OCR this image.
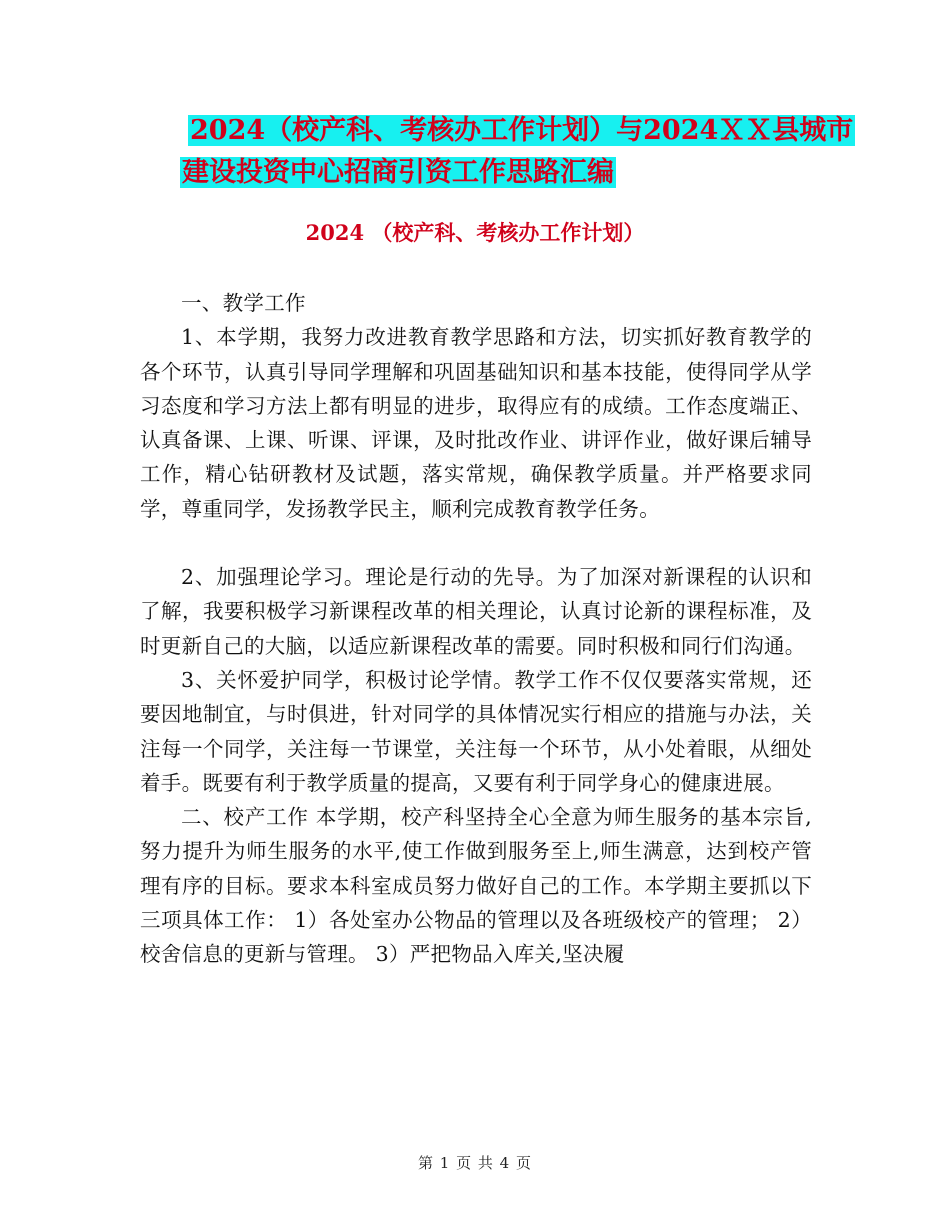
2024（校产科、考核办工作计划）与2024ＸＸ县城市
建设投资中心招商引资工作思路汇编
2024 （校产科、考核办工作计划）

一、教学工作

1、本学期，我努力改进教育教学思路和方法，切实抓好教育教学的各个环节，认真引导同学理解和巩固基础知识和基本技能，使得同学从学习态度和学习方法上都有明显的进步，取得应有的成绩。工作态度端正、认真备课、上课、听课、评课，及时批改作业、讲评作业，做好课后辅导工作，精心钻研教材及试题，落实常规，确保教学质量。并严格要求同学，尊重同学，发扬教学民主，顺利完成教育教学任务。

2、加强理论学习。理论是行动的先导。为了加深对新课程的认识和了解，我要积极学习新课程改革的相关理论，认真讨论新的课程标准，及时更新自己的大脑，以适应新课程改革的需要。同时积极和同行们沟通。

3、关怀爱护同学，积极讨论学情。教学工作不仅仅要落实常规，还要因地制宜，与时俱进，针对同学的具体情况实行相应的措施与办法，关注每一个同学，关注每一节课堂，关注每一个环节，从小处着眼，从细处着手。既要有利于教学质量的提高，又要有利于同学身心的健康进展。

二、校产工作 本学期，校产科坚持全心全意为师生服务的基本宗旨,努力提升为师生服务的水平,使工作做到服务至上,师生满意，达到校产管理有序的目标。要求本科室成员努力做好自己的工作。本学期主要抓以下三项具体工作： 1）各处室办公物品的管理以及各班级校产的管理； 2）校舍信息的更新与管理。 3）严把物品入库关,坚决履

第 1 页 共 4 页
